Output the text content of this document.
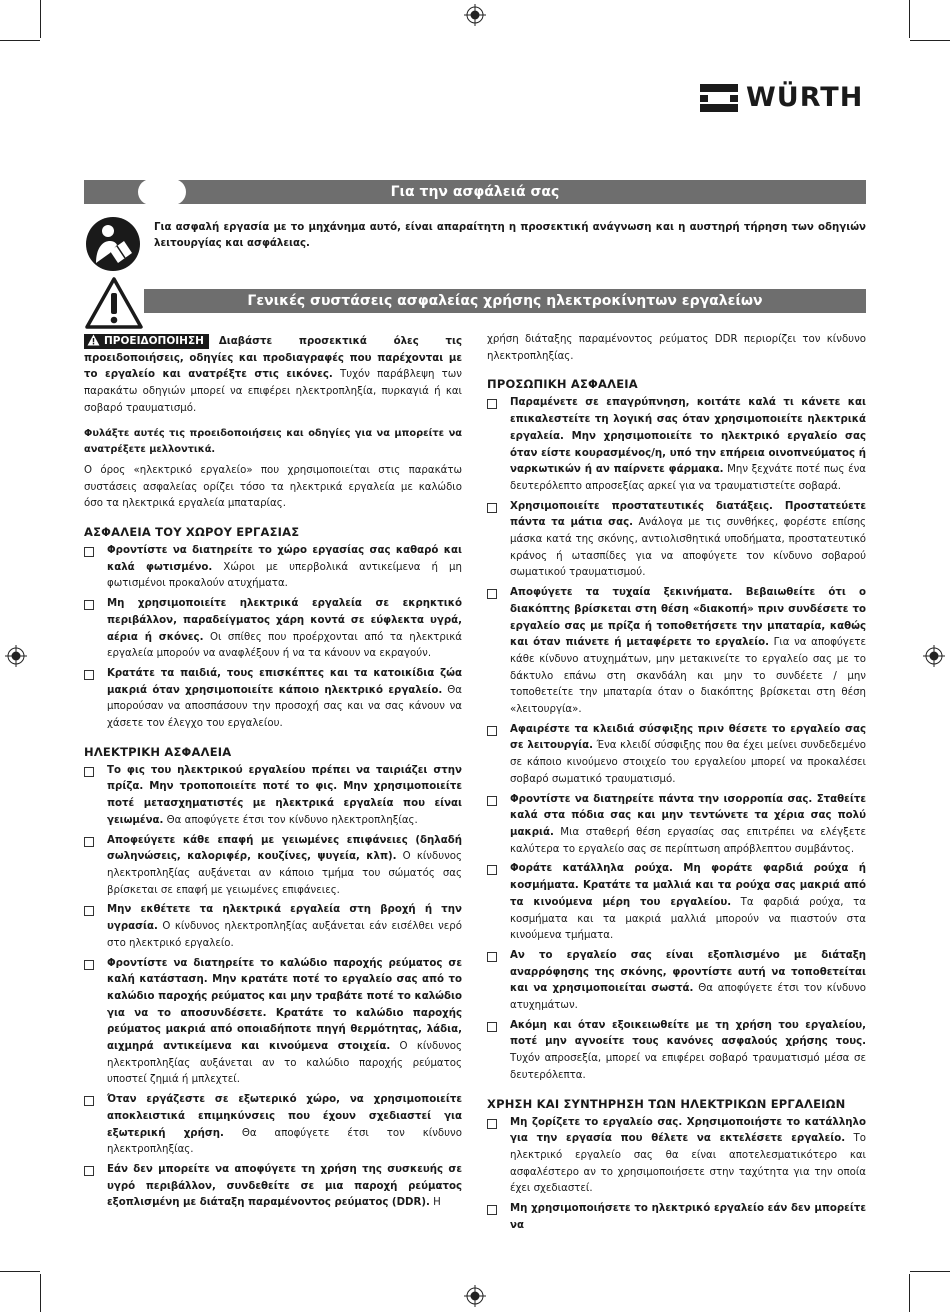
WÜRTH
Για την ασφάλειά σας
Για ασφαλή εργασία με το μηχάνημα αυτό, είναι απαραίτητη η προσεκτική ανάγνωση και η αυστηρή τήρηση των οδηγιών λειτουργίας και ασφάλειας.
Γενικές συστάσεις ασφαλείας χρήσης ηλεκτροκίνητων εργαλείων

ΠΡΟΕΙΔΟΠΟΙΗΣΗ Διαβάστε προσεκτικά όλες τις προειδοποιήσεις, οδηγίες και προδιαγραφές που παρέχονται με το εργαλείο και ανατρέξτε στις εικόνες. Τυχόν παράβλεψη των παρακάτω οδηγιών μπορεί να επιφέρει ηλεκτροπληξία, πυρκαγιά ή και σοβαρό τραυματισμό.

Φυλάξτε αυτές τις προειδοποιήσεις και οδηγίες για να μπορείτε να ανατρέξετε μελλοντικά.

Ο όρος «ηλεκτρικό εργαλείο» που χρησιμοποιείται στις παρακάτω συστάσεις ασφαλείας ορίζει τόσο τα ηλεκτρικά εργαλεία με καλώδιο όσο τα ηλεκτρικά εργαλεία μπαταρίας.

ΑΣΦΑΛΕΙΑ ΤΟΥ ΧΩΡΟΥ ΕΡΓΑΣΙΑΣ
Φροντίστε να διατηρείτε το χώρο εργασίας σας καθαρό και καλά φωτισμένο. Χώροι με υπερβολικά αντικείμενα ή μη φωτισμένοι προκαλούν ατυχήματα.
Μη χρησιμοποιείτε ηλεκτρικά εργαλεία σε εκρηκτικό περιβάλλον, παραδείγματος χάρη κοντά σε εύφλεκτα υγρά, αέρια ή σκόνες. Οι σπίθες που προέρχονται από τα ηλεκτρικά εργαλεία μπορούν να αναφλέξουν ή να τα κάνουν να εκραγούν.
Κρατάτε τα παιδιά, τους επισκέπτες και τα κατοικίδια ζώα μακριά όταν χρησιμοποιείτε κάποιο ηλεκτρικό εργαλείο. Θα μπορούσαν να αποσπάσουν την προσοχή σας και να σας κάνουν να χάσετε τον έλεγχο του εργαλείου.
ΗΛΕΚΤΡΙΚΗ ΑΣΦΑΛΕΙΑ
Το φις του ηλεκτρικού εργαλείου πρέπει να ταιριάζει στην πρίζα. Μην τροποποιείτε ποτέ το φις. Μην χρησιμοποιείτε ποτέ μετασχηματιστές με ηλεκτρικά εργαλεία που είναι γειωμένα. Θα αποφύγετε έτσι τον κίνδυνο ηλεκτροπληξίας.
Αποφεύγετε κάθε επαφή με γειωμένες επιφάνειες (δηλαδή σωληνώσεις, καλοριφέρ, κουζίνες, ψυγεία, κλπ). Ο κίνδυνος ηλεκτροπληξίας αυξάνεται αν κάποιο τμήμα του σώματός σας βρίσκεται σε επαφή με γειωμένες επιφάνειες.
Μην εκθέτετε τα ηλεκτρικά εργαλεία στη βροχή ή την υγρασία. Ο κίνδυνος ηλεκτροπληξίας αυξάνεται εάν εισέλθει νερό στο ηλεκτρικό εργαλείο.
Φροντίστε να διατηρείτε το καλώδιο παροχής ρεύματος σε καλή κατάσταση. Μην κρατάτε ποτέ το εργαλείο σας από το καλώδιο παροχής ρεύματος και μην τραβάτε ποτέ το καλώδιο για να το αποσυνδέσετε. Κρατάτε το καλώδιο παροχής ρεύματος μακριά από οποιαδήποτε πηγή θερμότητας, λάδια, αιχμηρά αντικείμενα και κινούμενα στοιχεία. Ο κίνδυνος ηλεκτροπληξίας αυξάνεται αν το καλώδιο παροχής ρεύματος υποστεί ζημιά ή μπλεχτεί.
Όταν εργάζεστε σε εξωτερικό χώρο, να χρησιμοποιείτε αποκλειστικά επιμηκύνσεις που έχουν σχεδιαστεί για εξωτερική χρήση. Θα αποφύγετε έτσι τον κίνδυνο ηλεκτροπληξίας.
Εάν δεν μπορείτε να αποφύγετε τη χρήση της συσκευής σε υγρό περιβάλλον, συνδεθείτε σε μια παροχή ρεύματος εξοπλισμένη με διάταξη παραμένοντος ρεύματος (DDR). Η

χρήση διάταξης παραμένοντος ρεύματος DDR περιορίζει τον κίνδυνο ηλεκτροπληξίας.

ΠΡΟΣΩΠΙΚΗ ΑΣΦΑΛΕΙΑ
Παραμένετε σε επαγρύπνηση, κοιτάτε καλά τι κάνετε και επικαλεστείτε τη λογική σας όταν χρησιμοποιείτε ηλεκτρικά εργαλεία. Μην χρησιμοποιείτε το ηλεκτρικό εργαλείο σας όταν είστε κουρασμένος/η, υπό την επήρεια οινοπνεύματος ή ναρκωτικών ή αν παίρνετε φάρμακα. Μην ξεχνάτε ποτέ πως ένα δευτερόλεπτο απροσεξίας αρκεί για να τραυματιστείτε σοβαρά.
Χρησιμοποιείτε προστατευτικές διατάξεις. Προστατεύετε πάντα τα μάτια σας. Ανάλογα με τις συνθήκες, φορέστε επίσης μάσκα κατά της σκόνης, αντιολισθητικά υποδήματα, προστατευτικό κράνος ή ωτασπίδες για να αποφύγετε τον κίνδυνο σοβαρού σωματικού τραυματισμού.
Αποφύγετε τα τυχαία ξεκινήματα. Βεβαιωθείτε ότι ο διακόπτης βρίσκεται στη θέση «διακοπή» πριν συνδέσετε το εργαλείο σας με πρίζα ή τοποθετήσετε την μπαταρία, καθώς και όταν πιάνετε ή μεταφέρετε το εργαλείο. Για να αποφύγετε κάθε κίνδυνο ατυχημάτων, μην μετακινείτε το εργαλείο σας με το δάκτυλο επάνω στη σκανδάλη και μην το συνδέετε / μην τοποθετείτε την μπαταρία όταν ο διακόπτης βρίσκεται στη θέση «λειτουργία».
Αφαιρέστε τα κλειδιά σύσφιξης πριν θέσετε το εργαλείο σας σε λειτουργία. Ένα κλειδί σύσφιξης που θα έχει μείνει συνδεδεμένο σε κάποιο κινούμενο στοιχείο του εργαλείου μπορεί να προκαλέσει σοβαρό σωματικό τραυματισμό.
Φροντίστε να διατηρείτε πάντα την ισορροπία σας. Σταθείτε καλά στα πόδια σας και μην τεντώνετε τα χέρια σας πολύ μακριά. Μια σταθερή θέση εργασίας σας επιτρέπει να ελέγξετε καλύτερα το εργαλείο σας σε περίπτωση απρόβλεπτου συμβάντος.
Φοράτε κατάλληλα ρούχα. Μη φοράτε φαρδιά ρούχα ή κοσμήματα. Κρατάτε τα μαλλιά και τα ρούχα σας μακριά από τα κινούμενα μέρη του εργαλείου. Τα φαρδιά ρούχα, τα κοσμήματα και τα μακριά μαλλιά μπορούν να πιαστούν στα κινούμενα τμήματα.
Αν το εργαλείο σας είναι εξοπλισμένο με διάταξη αναρρόφησης της σκόνης, φροντίστε αυτή να τοποθετείται και να χρησιμοποιείται σωστά. Θα αποφύγετε έτσι τον κίνδυνο ατυχημάτων.
Ακόμη και όταν εξοικειωθείτε με τη χρήση του εργαλείου, ποτέ μην αγνοείτε τους κανόνες ασφαλούς χρήσης τους. Τυχόν απροσεξία, μπορεί να επιφέρει σοβαρό τραυματισμό μέσα σε δευτερόλεπτα.
ΧΡΗΣΗ ΚΑΙ ΣΥΝΤΗΡΗΣΗ ΤΩΝ ΗΛΕΚΤΡΙΚΩΝ ΕΡΓΑΛΕΙΩΝ
Μη ζορίζετε το εργαλείο σας. Χρησιμοποιήστε το κατάλληλο για την εργασία που θέλετε να εκτελέσετε εργαλείο. Το ηλεκτρικό εργαλείο σας θα είναι αποτελεσματικότερο και ασφαλέστερο αν το χρησιμοποιήσετε στην ταχύτητα για την οποία έχει σχεδιαστεί.
Μη χρησιμοποιήσετε το ηλεκτρικό εργαλείο εάν δεν μπορείτε να
